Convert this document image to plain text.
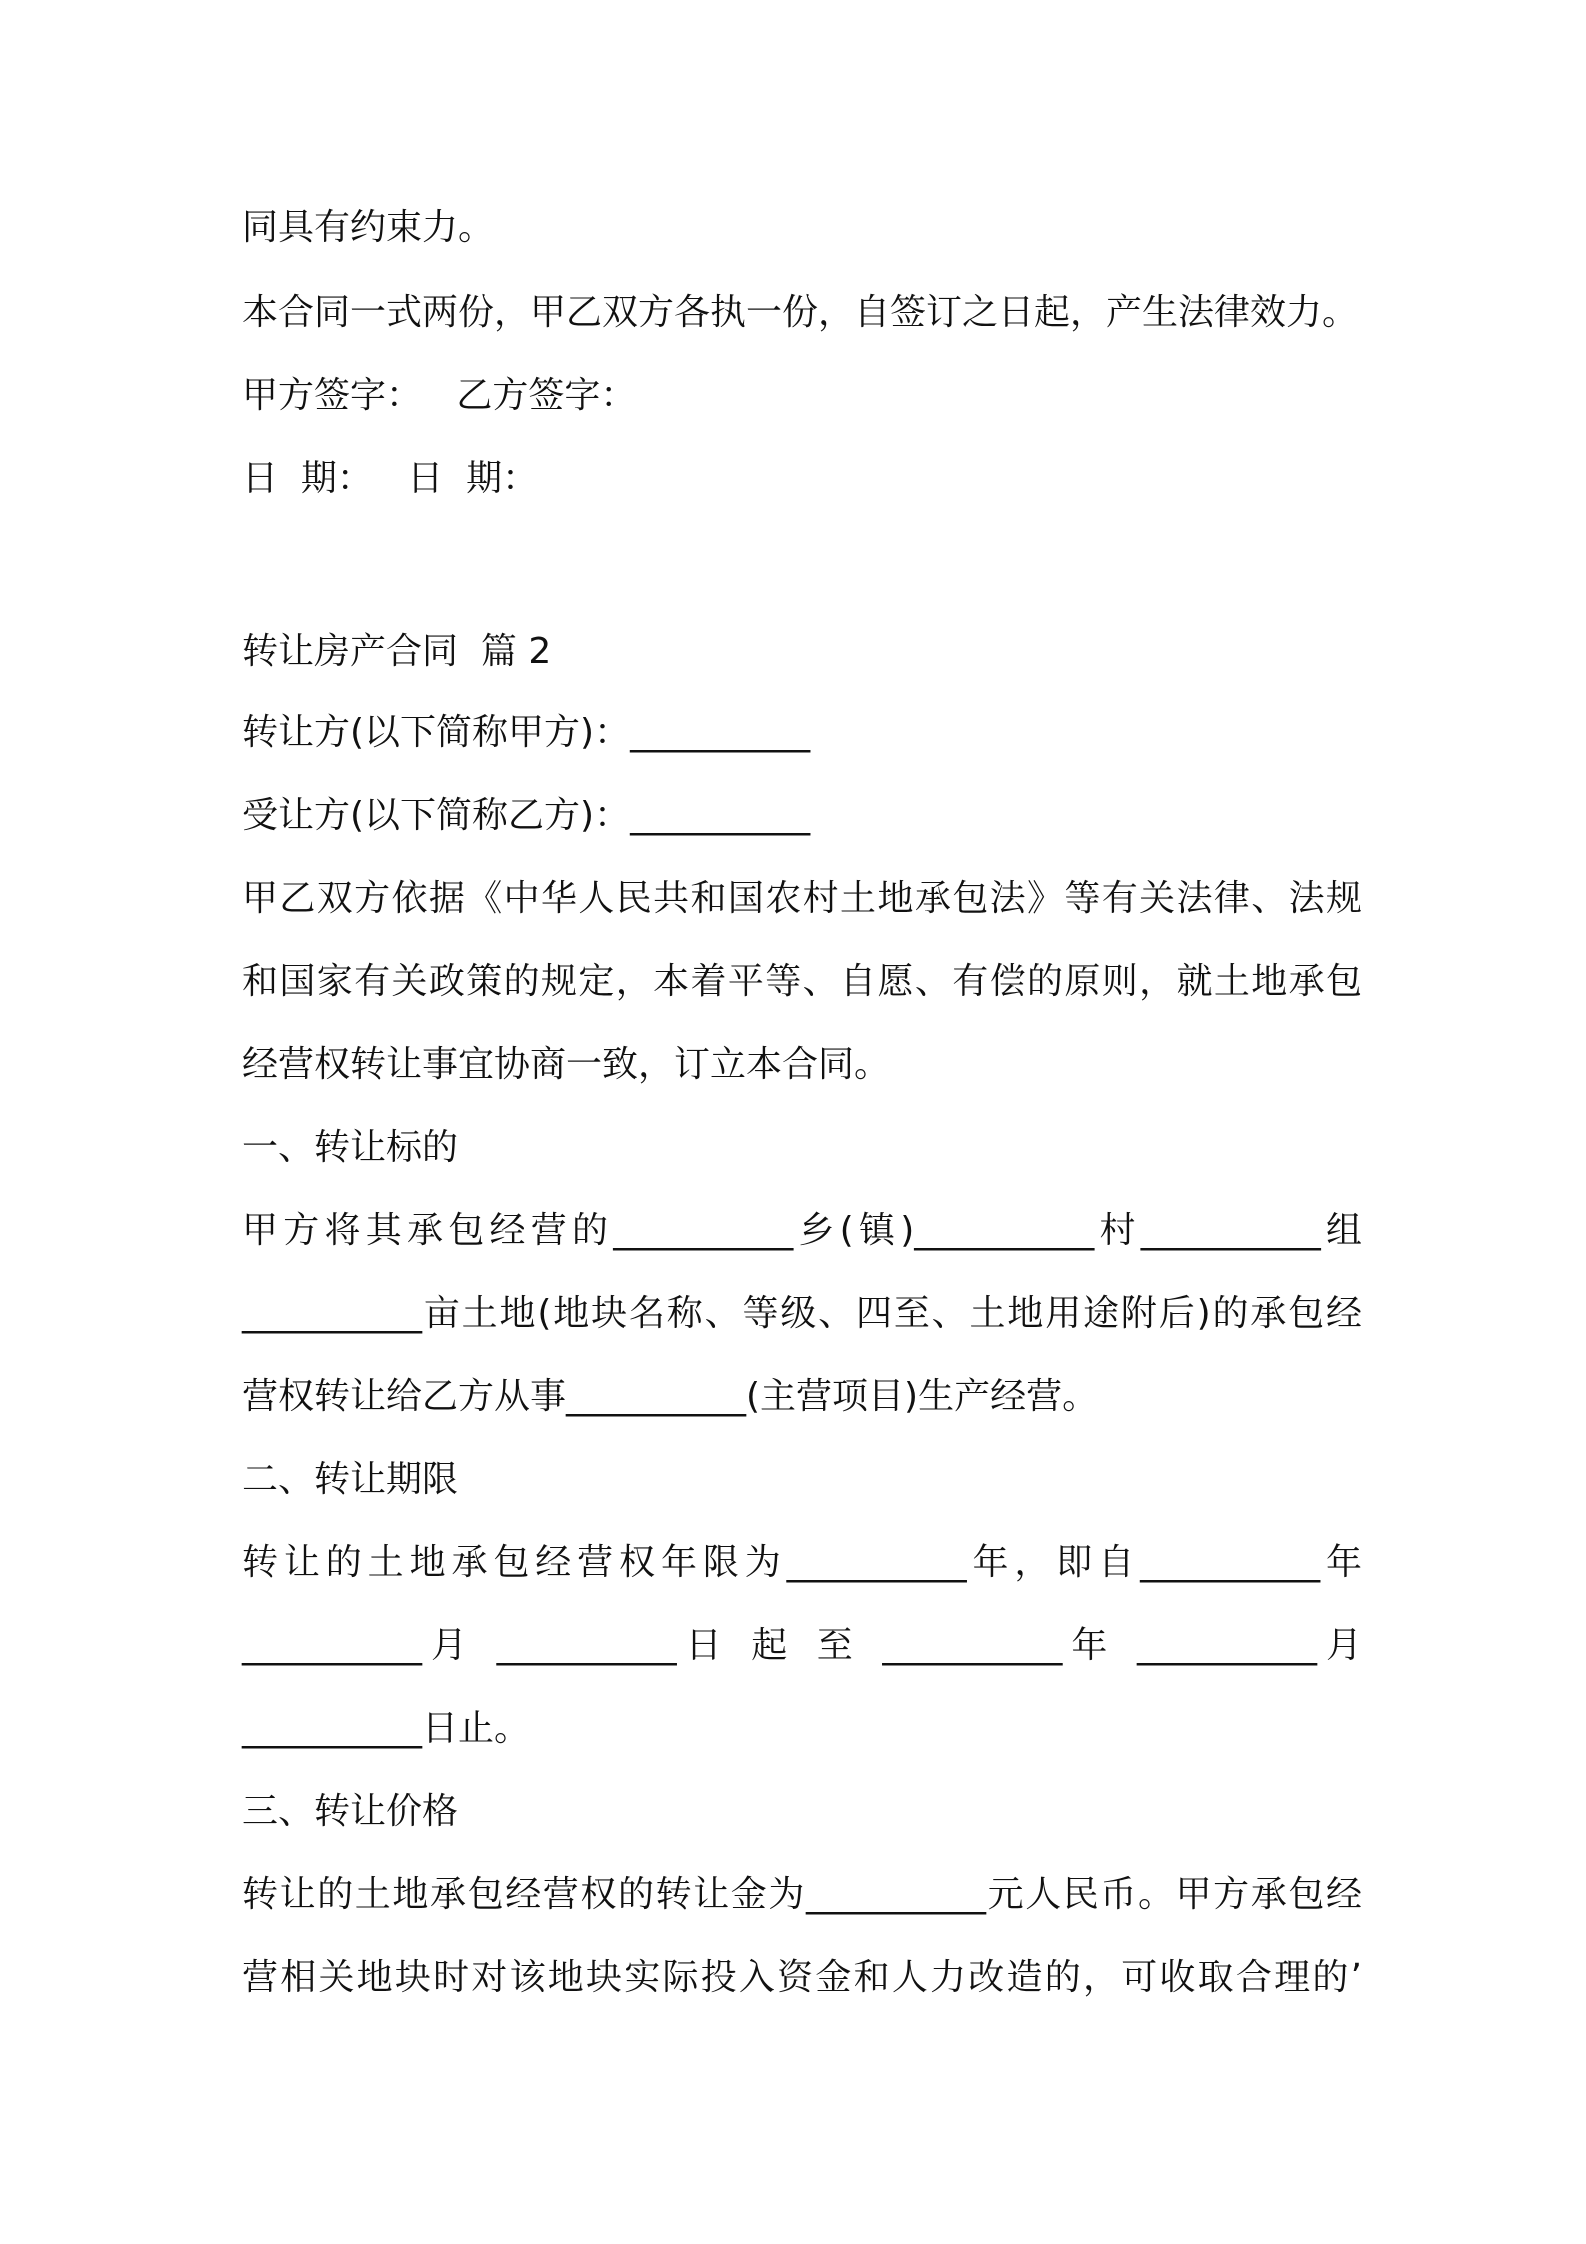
同具有约束力。
本合同一式两份，甲乙双方各执一份，自签订之日起，产生法律效力。
甲方签字：   乙方签字：
日  期：   日  期：
转让房产合同  篇 2
转让方(以下简称甲方)：__________
受让方(以下简称乙方)：__________
甲乙双方依据《中华人民共和国农村土地承包法》等有关法律、法规
和国家有关政策的规定，本着平等、自愿、有偿的原则，就土地承包
经营权转让事宜协商一致，订立本合同。
一、转让标的
甲方将其承包经营的__________乡(镇)__________村__________组
__________亩土地(地块名称、等级、四至、土地用途附后)的承包经
营权转让给乙方从事__________(主营项目)生产经营。
二、转让期限
转让的土地承包经营权年限为__________年，即自__________年
__________月 __________日 起 至 __________年 __________月
__________日止。
三、转让价格
转让的土地承包经营权的转让金为__________元人民币。甲方承包经
营相关地块时对该地块实际投入资金和人力改造的，可收取合理的’
